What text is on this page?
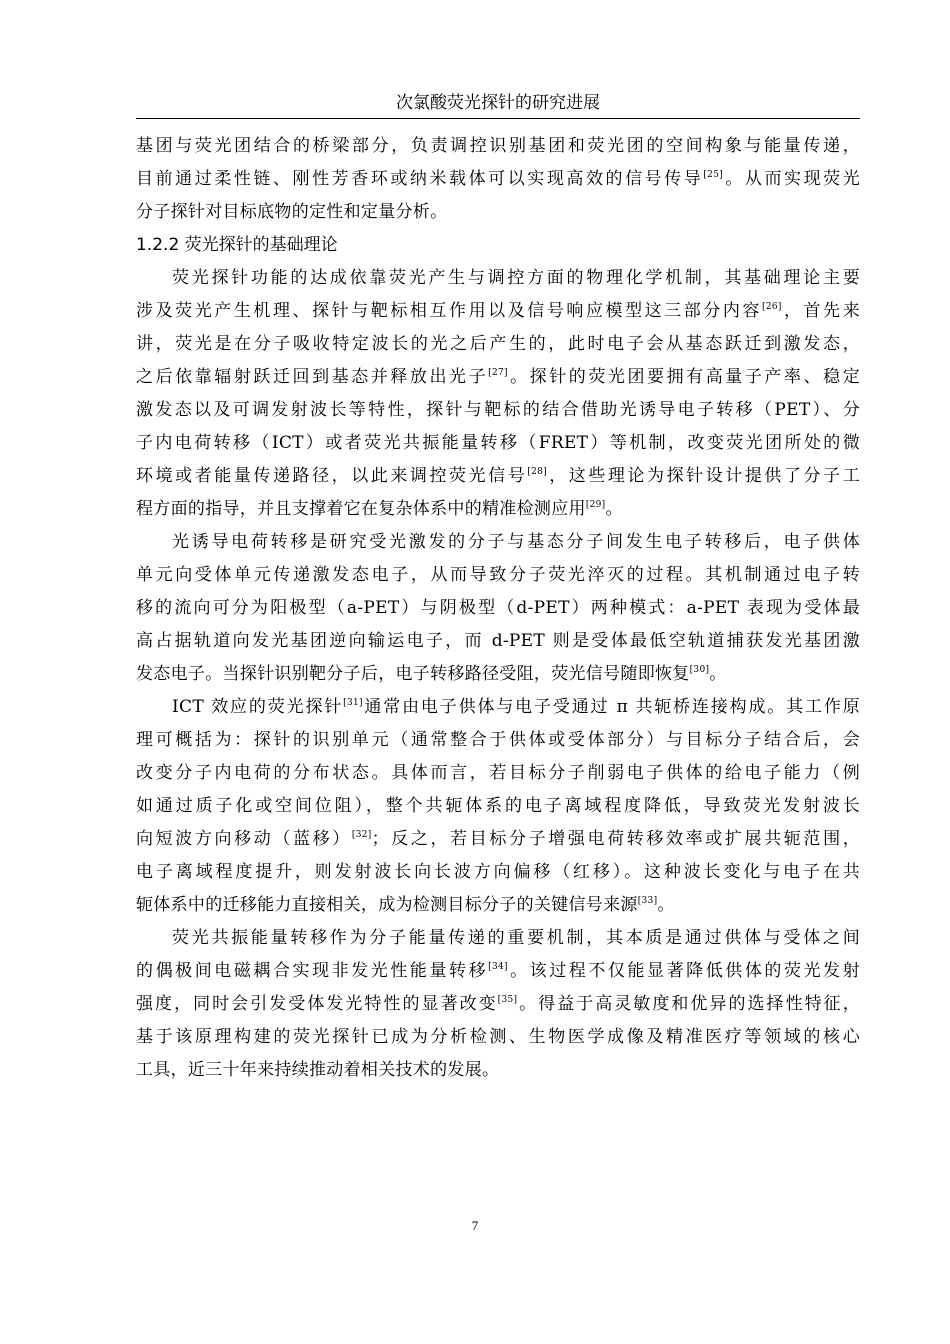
次氯酸荧光探针的研究进展
基团与荧光团结合的桥梁部分，负责调控识别基团和荧光团的空间构象与能量传递，
目前通过柔性链、刚性芳香环或纳米载体可以实现高效的信号传导[25]。从而实现荧光
分子探针对目标底物的定性和定量分析。
1.2.2 荧光探针的基础理论
荧光探针功能的达成依靠荧光产生与调控方面的物理化学机制，其基础理论主要
涉及荧光产生机理、探针与靶标相互作用以及信号响应模型这三部分内容[26]，首先来
讲，荧光是在分子吸收特定波长的光之后产生的，此时电子会从基态跃迁到激发态，
之后依靠辐射跃迁回到基态并释放出光子[27]。探针的荧光团要拥有高量子产率、稳定
激发态以及可调发射波长等特性，探针与靶标的结合借助光诱导电子转移（PET）、分
子内电荷转移（ICT）或者荧光共振能量转移（FRET）等机制，改变荧光团所处的微
环境或者能量传递路径，以此来调控荧光信号[28]，这些理论为探针设计提供了分子工
程方面的指导，并且支撑着它在复杂体系中的精准检测应用[29]。
光诱导电荷转移是研究受光激发的分子与基态分子间发生电子转移后，电子供体
单元向受体单元传递激发态电子，从而导致分子荧光淬灭的过程。其机制通过电子转
移的流向可分为阳极型（a-PET）与阴极型（d-PET）两种模式：a-PET 表现为受体最
高占据轨道向发光基团逆向输运电子，而 d-PET 则是受体最低空轨道捕获发光基团激
发态电子。当探针识别靶分子后，电子转移路径受阻，荧光信号随即恢复[30]。
ICT 效应的荧光探针[31]通常由电子供体与电子受通过 π 共轭桥连接构成。其工作原
理可概括为：探针的识别单元（通常整合于供体或受体部分）与目标分子结合后，会
改变分子内电荷的分布状态。具体而言，若目标分子削弱电子供体的给电子能力（例
如通过质子化或空间位阻），整个共轭体系的电子离域程度降低，导致荧光发射波长
向短波方向移动（蓝移）[32]；反之，若目标分子增强电荷转移效率或扩展共轭范围，
电子离域程度提升，则发射波长向长波方向偏移（红移）。这种波长变化与电子在共
轭体系中的迁移能力直接相关，成为检测目标分子的关键信号来源[33]。
荧光共振能量转移作为分子能量传递的重要机制，其本质是通过供体与受体之间
的偶极间电磁耦合实现非发光性能量转移[34]。该过程不仅能显著降低供体的荧光发射
强度，同时会引发受体发光特性的显著改变[35]。得益于高灵敏度和优异的选择性特征，
基于该原理构建的荧光探针已成为分析检测、生物医学成像及精准医疗等领域的核心
工具，近三十年来持续推动着相关技术的发展。
7
